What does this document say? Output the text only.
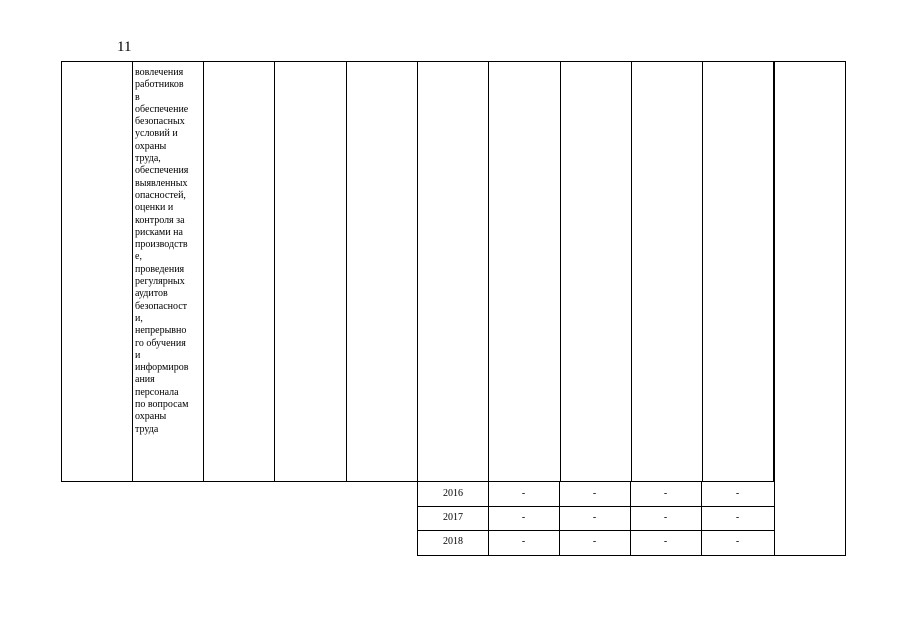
11
вовлечения
работников
в
обеспечение
безопасных
условий и
охраны
труда,
обеспечения
выявленных
опасностей,
оценки и
контроля за
рисками на
производств
е,
проведения
регулярных
аудитов
безопасност
и,
непрерывно
го обучения
и
информиров
ания
персонала
по вопросам
охраны
труда
2016	-	-	-	-
2017	-	-	-	-
2018	-	-	-	-
